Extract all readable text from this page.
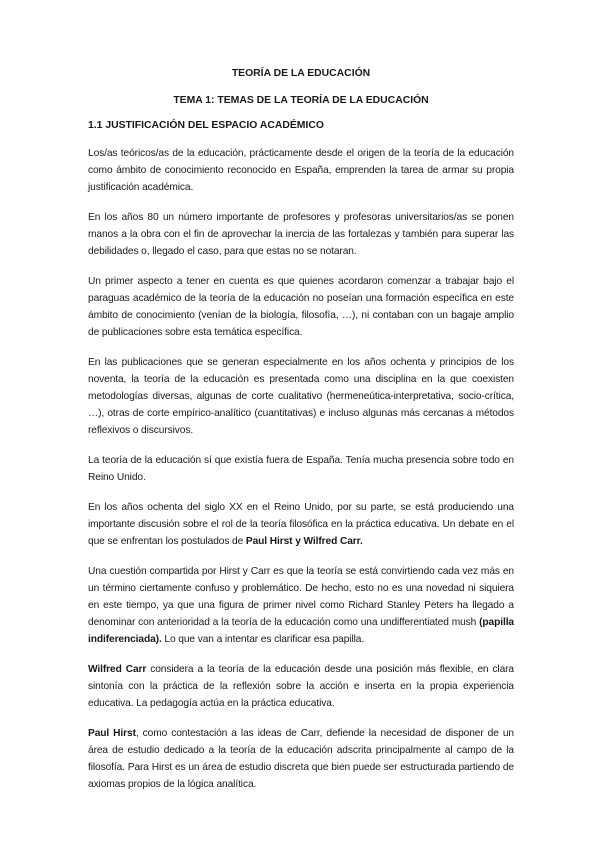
TEORÍA DE LA EDUCACIÓN
TEMA 1: TEMAS DE LA TEORÍA DE LA EDUCACIÓN
1.1 JUSTIFICACIÓN DEL ESPACIO ACADÉMICO

Los/as teóricos/as de la educación, prácticamente desde el origen de la teoría de la educación como ámbito de conocimiento reconocido en España, emprenden la tarea de armar su propia justificación académica.

En los años 80 un número importante de profesores y profesoras universitarios/as se ponen manos a la obra con el fin de aprovechar la inercia de las fortalezas y también para superar las debilidades o, llegado el caso, para que estas no se notaran.

Un primer aspecto a tener en cuenta es que quienes acordaron comenzar a trabajar bajo el paraguas académico de la teoría de la educación no poseían una formación específica en este ámbito de conocimiento (venían de la biología, filosofía, …), ni contaban con un bagaje amplio de publicaciones sobre esta temática específica.

En las publicaciones que se generan especialmente en los años ochenta y principios de los noventa, la teoría de la educación es presentada como una disciplina en la que coexisten metodologías diversas, algunas de corte cualitativo (hermeneútica-interpretativa, socio-crítica, …), otras de corte empírico-analítico (cuantitativas) e incluso algunas más cercanas a métodos reflexivos o discursivos.

La teoría de la educación sí que existía fuera de España. Tenía mucha presencia sobre todo en Reino Unido.

En los años ochenta del siglo XX en el Reino Unido, por su parte, se está produciendo una importante discusión sobre el rol de la teoría filosófica en la práctica educativa. Un debate en el que se enfrentan los postulados de Paul Hirst y Wilfred Carr.

Una cuestión compartida por Hirst y Carr es que la teoría se está convirtiendo cada vez más en un término ciertamente confuso y problemático. De hecho, esto no es una novedad ni siquiera en este tiempo, ya que una figura de primer nivel como Richard Stanley Peters ha llegado a denominar con anterioridad a la teoría de la educación como una undifferentiated mush (papilla indiferenciada). Lo que van a intentar es clarificar esa papilla.

Wilfred Carr considera a la teoría de la educación desde una posición más flexible, en clara sintonía con la práctica de la reflexión sobre la acción e inserta en la propia experiencia educativa. La pedagogía actúa en la práctica educativa.

Paul Hirst, como contestación a las ideas de Carr, defiende la necesidad de disponer de un área de estudio dedicado a la teoría de la educación adscrita principalmente al campo de la filosofía. Para Hirst es un área de estudio discreta que bien puede ser estructurada partiendo de axiomas propios de la lógica analítica.
